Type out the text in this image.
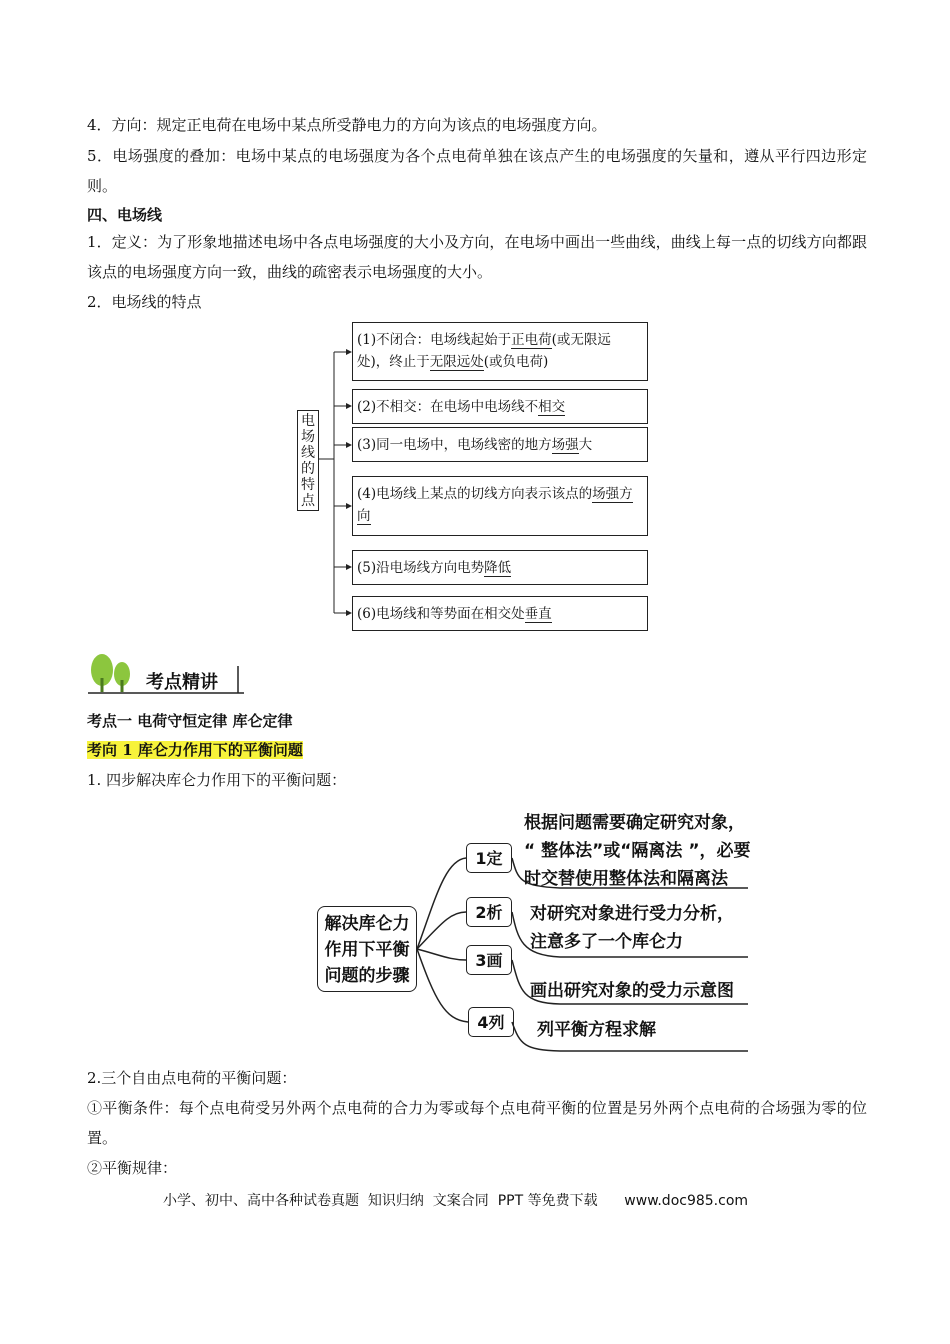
4．方向：规定正电荷在电场中某点所受静电力的方向为该点的电场强度方向。
5．电场强度的叠加：电场中某点的电场强度为各个点电荷单独在该点产生的电场强度的矢量和，遵从平行四边形定则。
四、电场线
1．定义：为了形象地描述电场中各点电场强度的大小及方向，在电场中画出一些曲线，曲线上每一点的切线方向都跟该点的电场强度方向一致，曲线的疏密表示电场强度的大小。
2．电场线的特点
电
场
线
的
特
点
(1)不闭合：电场线起始于正电荷(或无限远处)，终止于无限远处(或负电荷)
(2)不相交：在电场中电场线不相交
(3)同一电场中，电场线密的地方场强大
(4)电场线上某点的切线方向表示该点的场强方向
(5)沿电场线方向电势降低
(6)电场线和等势面在相交处垂直
考点精讲
考点一 电荷守恒定律 库仑定律
考向 1 库仑力作用下的平衡问题
1. 四步解决库仑力作用下的平衡问题：
解决库仑力
作用下平衡
问题的步骤
1定
2析
3画
4列
根据问题需要确定研究对象，
“ 整体法”或“隔离法 ”，必要
时交替使用整体法和隔离法
对研究对象进行受力分析，
注意多了一个库仑力
画出研究对象的受力示意图
列平衡方程求解
2.三个自由点电荷的平衡问题：
①平衡条件：每个点电荷受另外两个点电荷的合力为零或每个点电荷平衡的位置是另外两个点电荷的合场强为零的位置。
②平衡规律：
小学、初中、高中各种试卷真题  知识归纳  文案合同  PPT 等免费下载      www.doc985.com
